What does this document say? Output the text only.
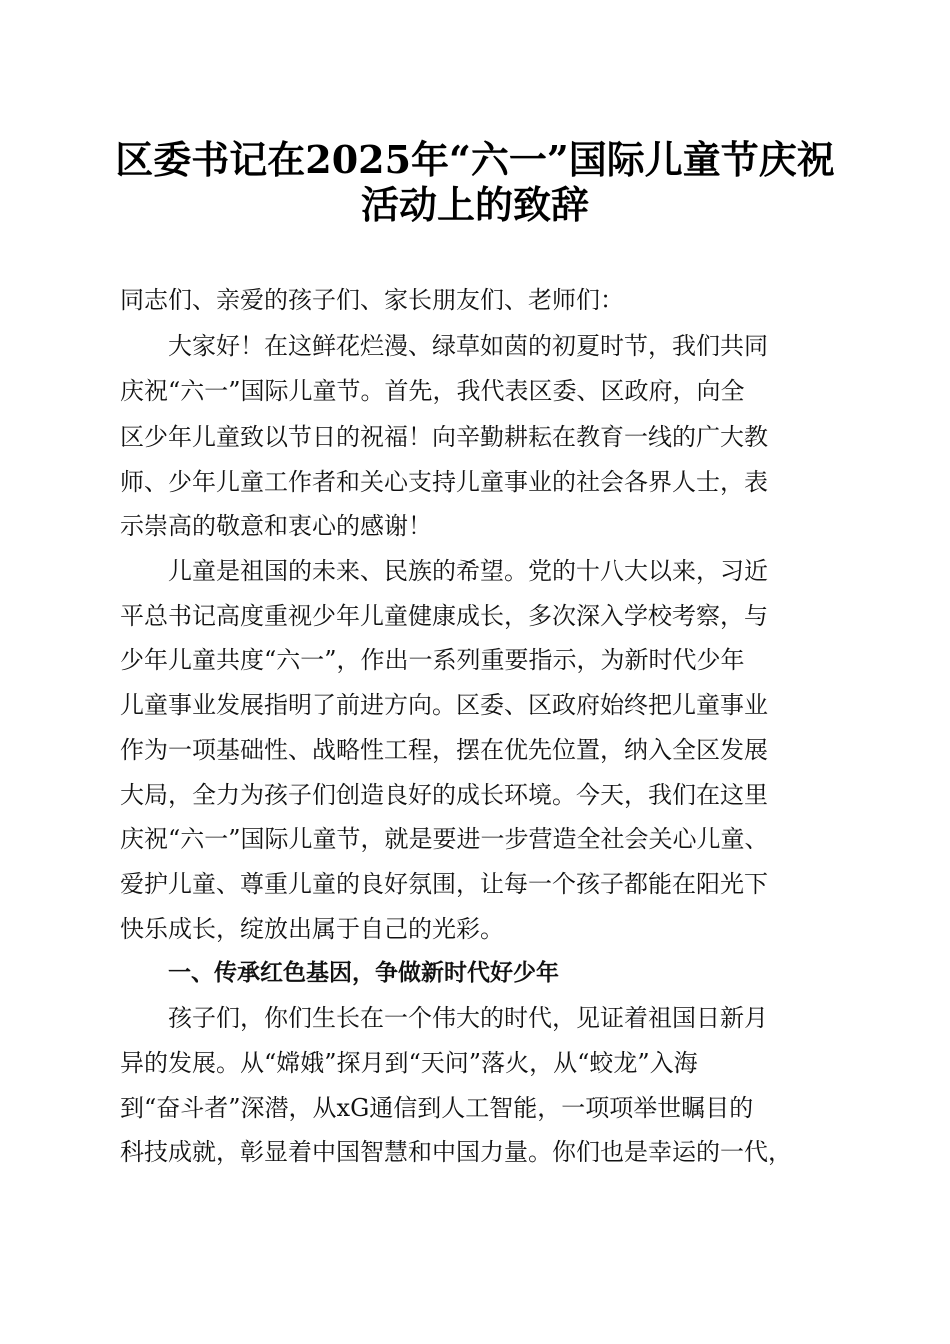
区委书记在2025年“六一”国际儿童节庆祝
活动上的致辞
同志们、亲爱的孩子们、家长朋友们、老师们：
大家好！在这鲜花烂漫、绿草如茵的初夏时节，我们共同
庆祝“六一”国际儿童节。首先，我代表区委、区政府，向全
区少年儿童致以节日的祝福！向辛勤耕耘在教育一线的广大教
师、少年儿童工作者和关心支持儿童事业的社会各界人士，表
示崇高的敬意和衷心的感谢！
儿童是祖国的未来、民族的希望。党的十八大以来，习近
平总书记高度重视少年儿童健康成长，多次深入学校考察，与
少年儿童共度“六一”，作出一系列重要指示，为新时代少年
儿童事业发展指明了前进方向。区委、区政府始终把儿童事业
作为一项基础性、战略性工程，摆在优先位置，纳入全区发展
大局，全力为孩子们创造良好的成长环境。今天，我们在这里
庆祝“六一”国际儿童节，就是要进一步营造全社会关心儿童、
爱护儿童、尊重儿童的良好氛围，让每一个孩子都能在阳光下
快乐成长，绽放出属于自己的光彩。
一、传承红色基因，争做新时代好少年
孩子们，你们生长在一个伟大的时代，见证着祖国日新月
异的发展。从“嫦娥”探月到“天问”落火，从“蛟龙”入海
到“奋斗者”深潜，从xG通信到人工智能，一项项举世瞩目的
科技成就，彰显着中国智慧和中国力量。你们也是幸运的一代，
